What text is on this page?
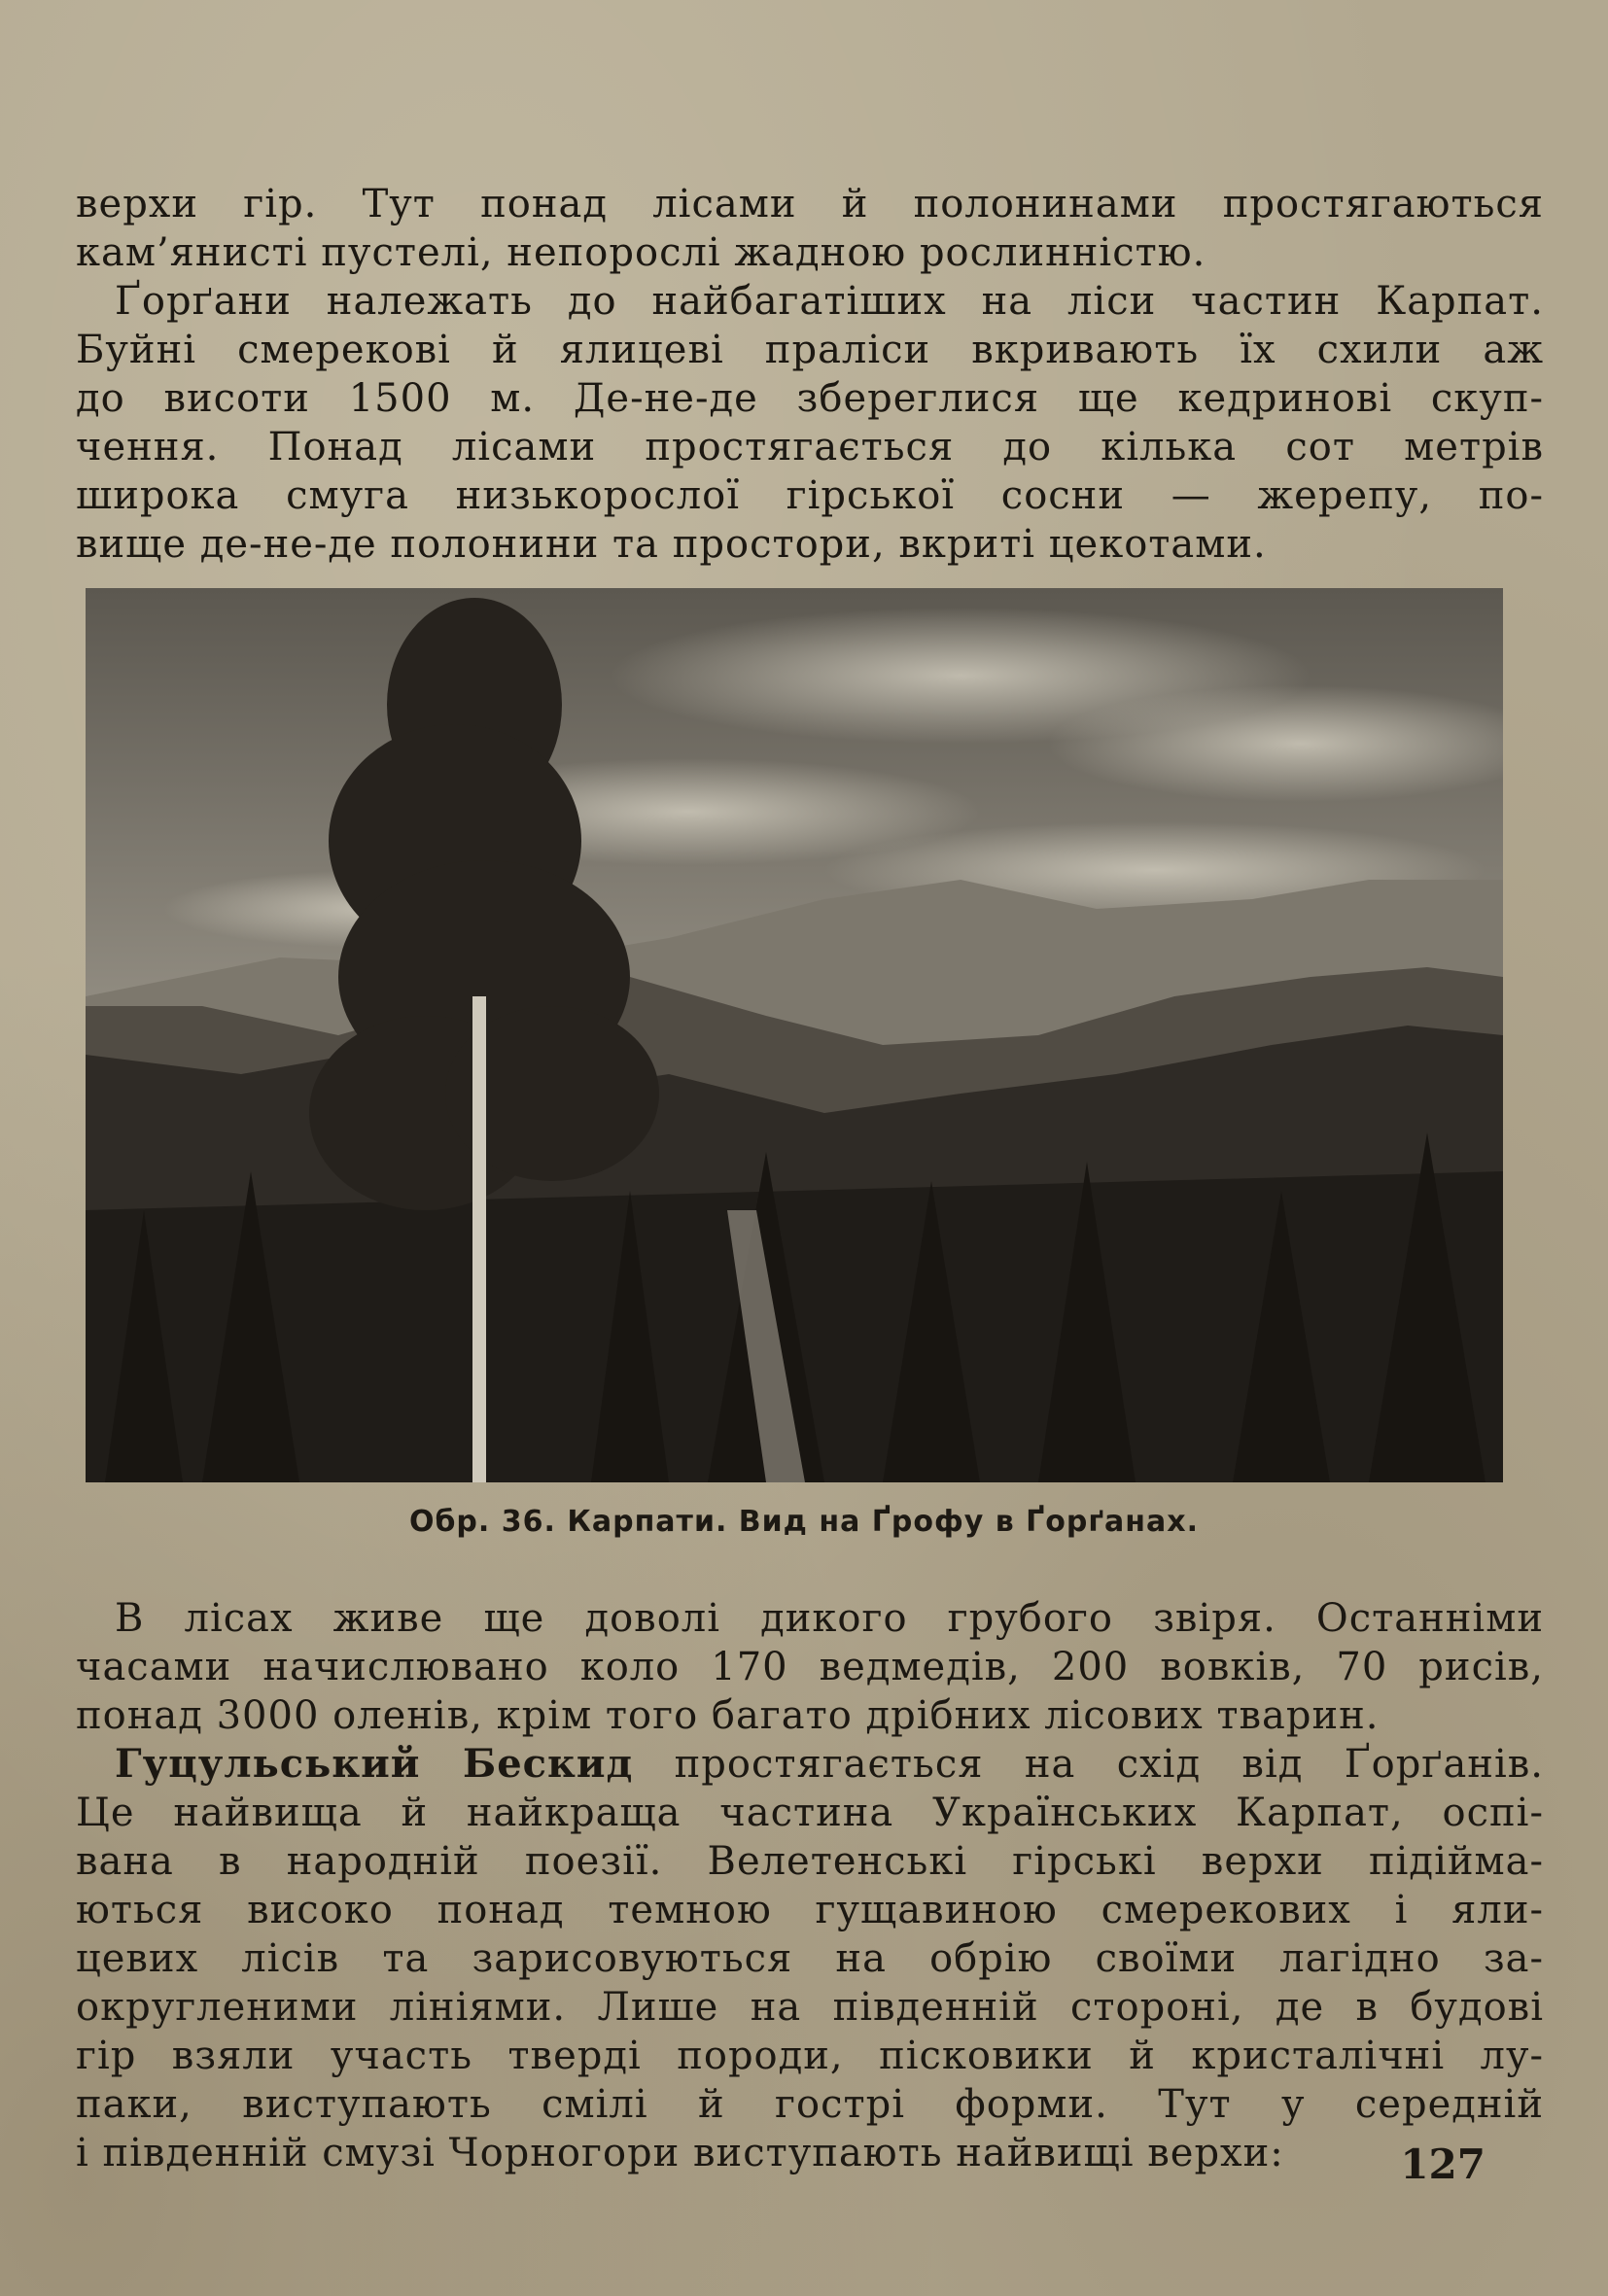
верхи гір. Тут понад лісами й полонинами простягаються
кам’янисті пустелі, непорослі жадною рослинністю.

Ґорґани належать до найбагатіших на ліси частин Карпат.
Буйні смерекові й ялицеві праліси вкривають їх схили аж
до висоти 1500 м. Де-не-де збереглися ще кедринові скуп-
чення. Понад лісами простягається до кілька сот метрів
широка смуга низькорослої гірської сосни — жерепу, по-
вище де-не-де полонини та простори, вкриті цекотами.

Обр. 36. Карпати. Вид на Ґрофу в Ґорґанах.

В лісах живе ще доволі дикого грубого звіря. Останніми
часами начислювано коло 170 ведмедів, 200 вовків, 70 рисів,
понад 3000 оленів, крім того багато дрібних лісових тварин.

Гуцульський Бескид простягається на схід від Ґорґанів.
Це найвища й найкраща частина Українських Карпат, оспі-
вана в народній поезії. Велетенські гірські верхи підійма-
ються високо понад темною гущавиною смерекових і яли-
цевих лісів та зарисовуються на обрію своїми лагідно за-
округленими лініями. Лише на південній стороні, де в будові
гір взяли участь тверді породи, пісковики й кристалічні лу-
паки, виступають смілі й гострі форми. Тут у середній
і південній смузі Чорногори виступають найвищі верхи:	127
